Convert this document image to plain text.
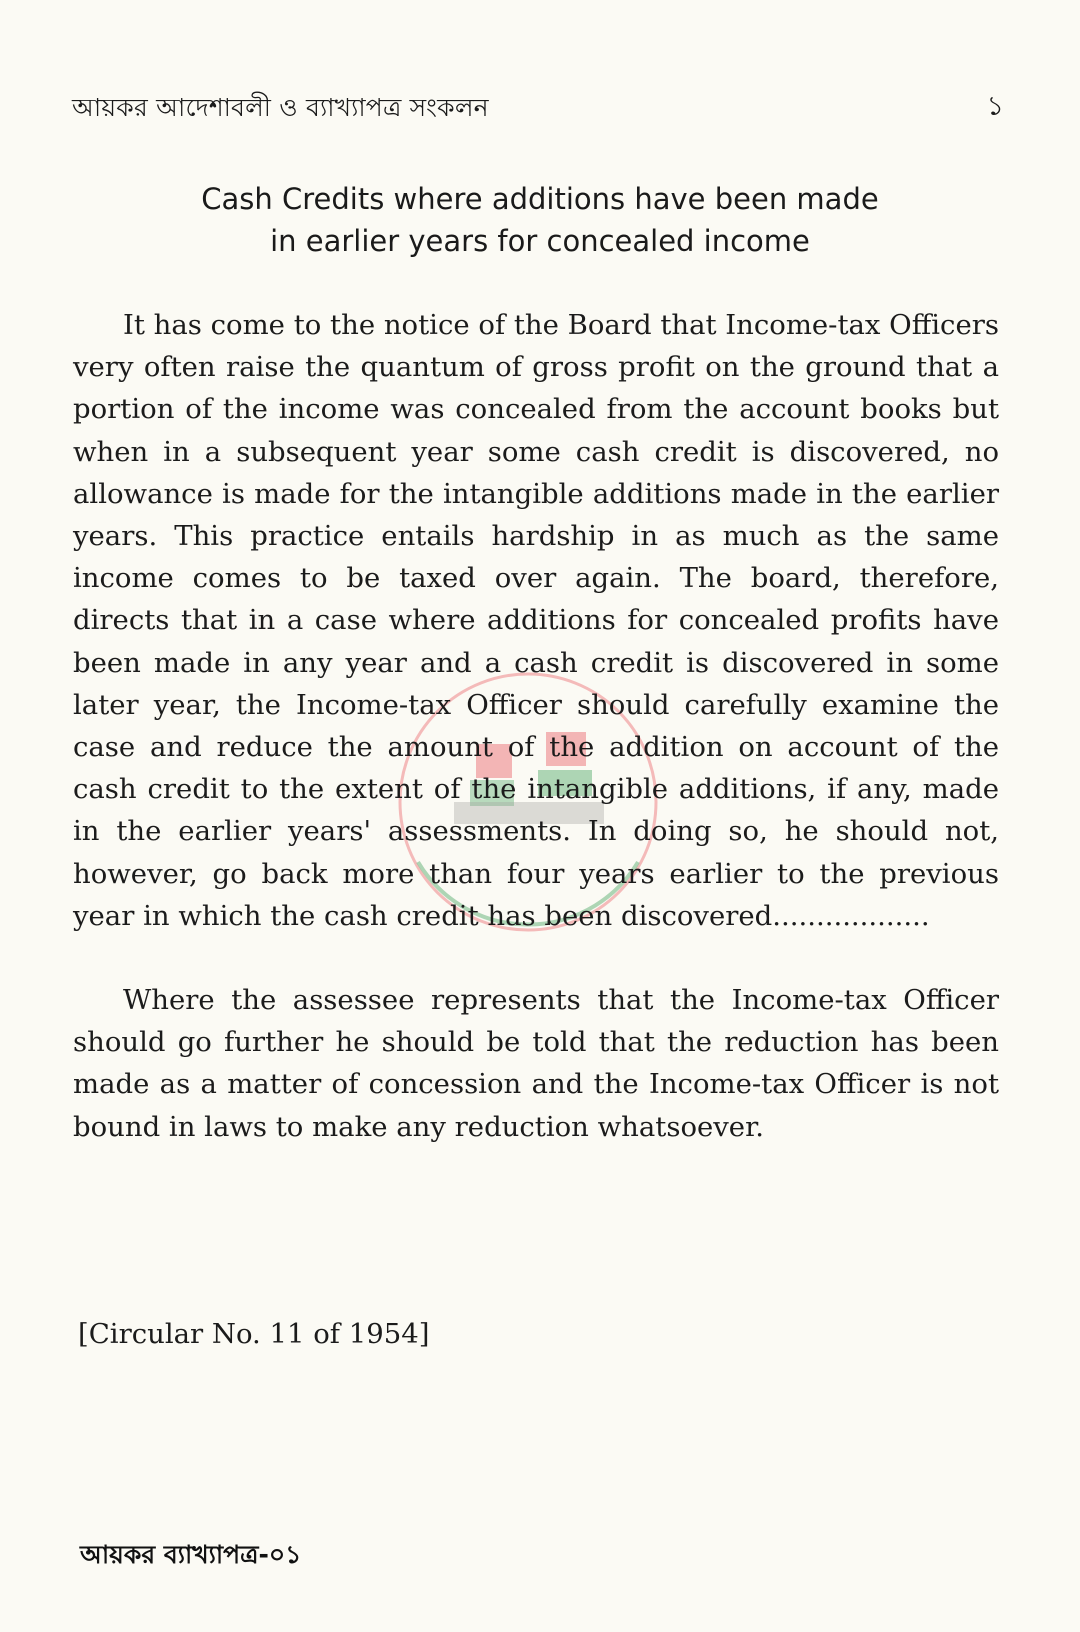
আয়কর আদেশাবলী ও ব্যাখ্যাপত্র সংকলন	১
Cash Credits where additions have been made
in earlier years for concealed income

It has come to the notice of the Board that Income-tax Officers very often raise the quantum of gross profit on the ground that a portion of the income was concealed from the account books but when in a subsequent year some cash credit is discovered, no allowance is made for the intangible additions made in the earlier years. This practice entails hardship in as much as the same income comes to be taxed over again. The board, therefore, directs that in a case where additions for concealed profits have been made in any year and a cash credit is discovered in some later year, the Income-tax Officer should carefully examine the case and reduce the amount of the addition on account of the cash credit to the extent of the intangible additions, if any, made in the earlier years' assessments. In doing so, he should not, however, go back more than four years earlier to the previous year in which the cash credit has been discovered..................

Where the assessee represents that the Income-tax Officer should go further he should be told that the reduction has been made as a matter of concession and the Income-tax Officer is not bound in laws to make any reduction whatsoever.

[Circular No. 11 of 1954]
আয়কর ব্যাখ্যাপত্র-০১
